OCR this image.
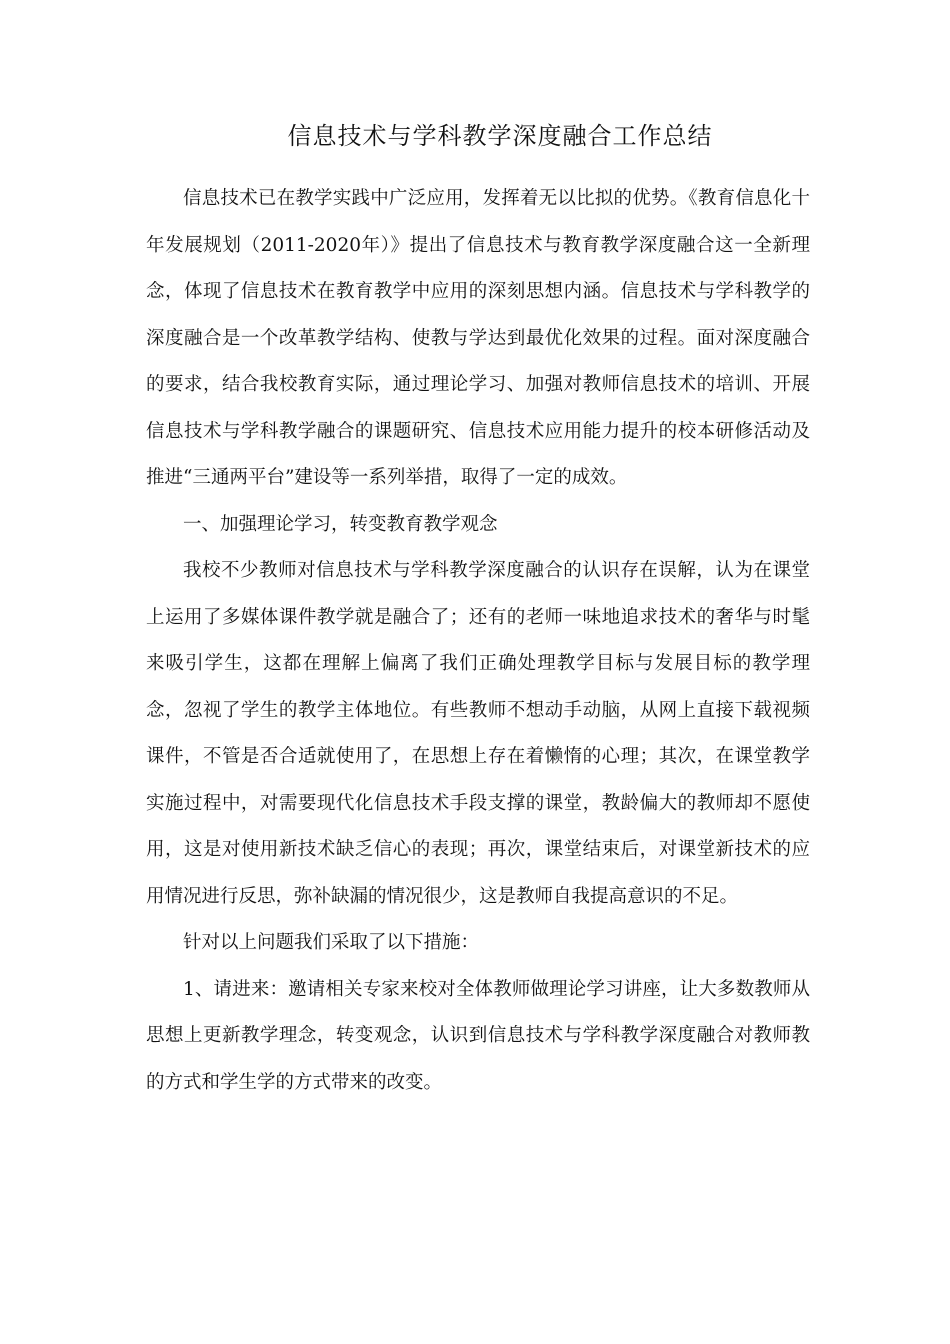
信息技术与学科教学深度融合工作总结

信息技术已在教学实践中广泛应用，发挥着无以比拟的优势。《教育信息化十年发展规划（2011-2020年）》提出了信息技术与教育教学深度融合这一全新理念，体现了信息技术在教育教学中应用的深刻思想内涵。信息技术与学科教学的深度融合是一个改革教学结构、使教与学达到最优化效果的过程。面对深度融合的要求，结合我校教育实际，通过理论学习、加强对教师信息技术的培训、开展信息技术与学科教学融合的课题研究、信息技术应用能力提升的校本研修活动及推进“三通两平台”建设等一系列举措，取得了一定的成效。

一、加强理论学习，转变教育教学观念

我校不少教师对信息技术与学科教学深度融合的认识存在误解，认为在课堂上运用了多媒体课件教学就是融合了；还有的老师一味地追求技术的奢华与时髦来吸引学生，这都在理解上偏离了我们正确处理教学目标与发展目标的教学理念，忽视了学生的教学主体地位。有些教师不想动手动脑，从网上直接下载视频课件，不管是否合适就使用了，在思想上存在着懒惰的心理；其次，在课堂教学实施过程中，对需要现代化信息技术手段支撑的课堂，教龄偏大的教师却不愿使用，这是对使用新技术缺乏信心的表现；再次，课堂结束后，对课堂新技术的应用情况进行反思，弥补缺漏的情况很少，这是教师自我提高意识的不足。

针对以上问题我们采取了以下措施：

1、请进来：邀请相关专家来校对全体教师做理论学习讲座，让大多数教师从思想上更新教学理念，转变观念，认识到信息技术与学科教学深度融合对教师教的方式和学生学的方式带来的改变。
